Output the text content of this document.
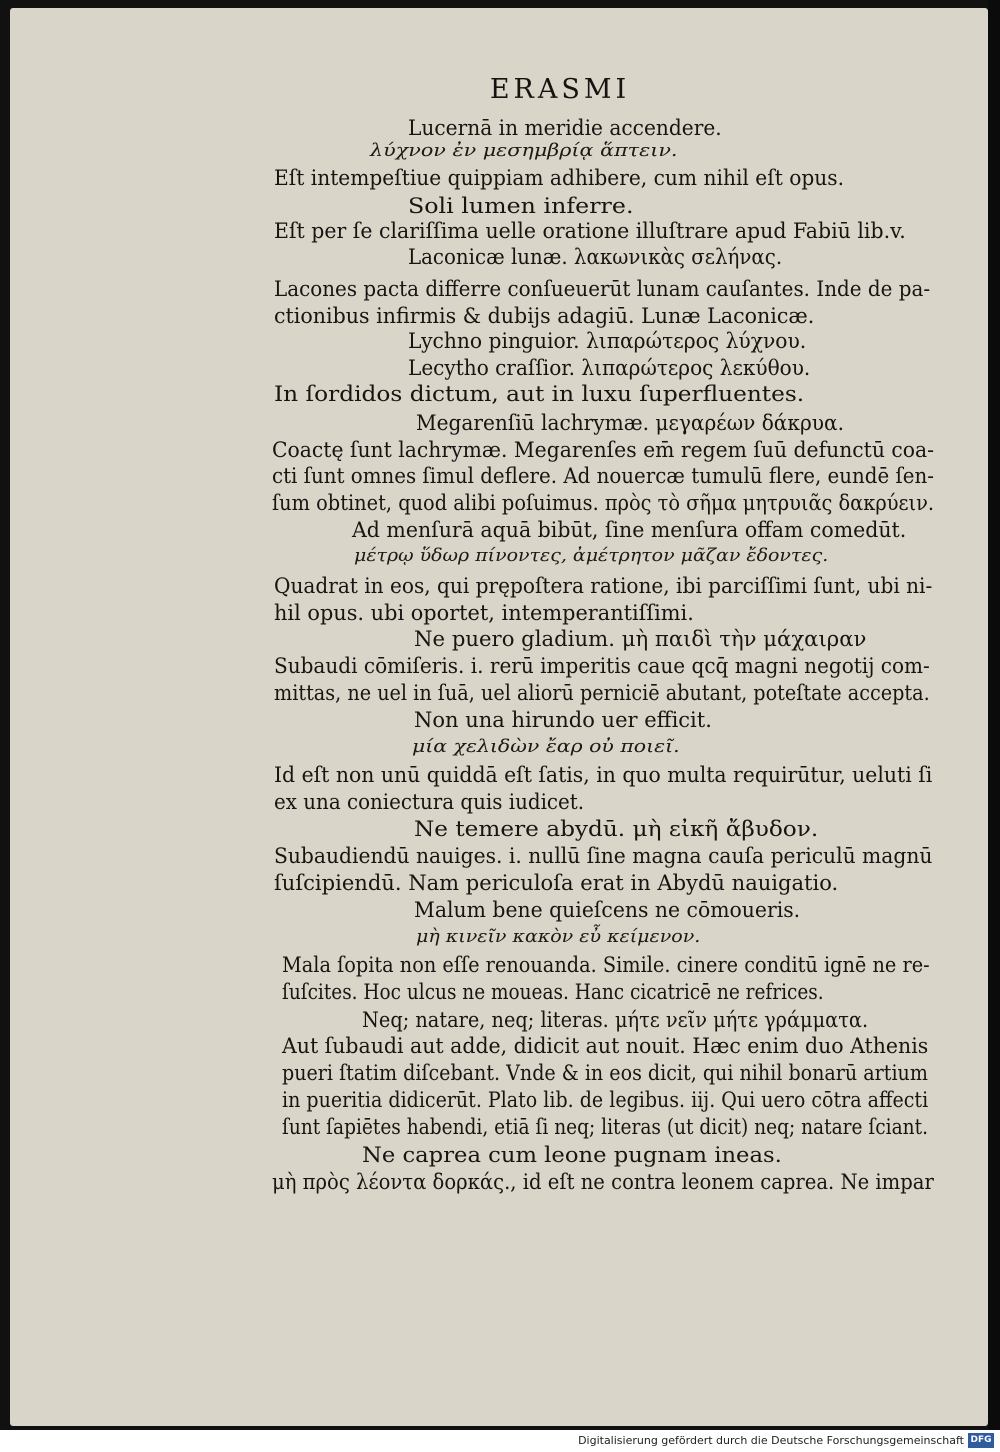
ERASMI
Lucernā in meridie accendere.
λύχνον ἐν μεσημβρίᾳ ἅπτειν.
Eſt intempeſtiue quippiam adhibere, cum nihil eſt opus.
Soli lumen inferre.
Eſt per ſe clariſſima uelle oratione illuſtrare apud Fabiū lib.v.
Laconicæ lunæ. λακωνικὰς σελήνας.
Lacones pacta differre conſueuerūt lunam cauſantes. Inde de pa-
ctionibus infirmis & dubijs adagiū. Lunæ Laconicæ.
Lychno pinguior. λιπαρώτερος λύχνου.
Lecytho craſſior. λιπαρώτερος λεκύθου.
In ſordidos dictum, aut in luxu ſuperfluentes.
Megarenſiū lachrymæ. μεγαρέων δάκρυα.
Coactę ſunt lachrymæ. Megarenſes em̄ regem ſuū defunctū coa-
cti ſunt omnes ſimul deflere. Ad nouercæ tumulū flere, eundē ſen-
ſum obtinet, quod alibi poſuimus. πρὸς τὸ σῆμα μητρυιᾶς δακρύειν.
Ad menſurā aquā bibūt, ſine menſura offam comedūt.
μέτρῳ ὕδωρ πίνοντες, ἀμέτρητον μᾶζαν ἔδοντες.
Quadrat in eos, qui prępoſtera ratione, ibi parciſſimi ſunt, ubi ni-
hil opus. ubi oportet, intemperantiſſimi.
Ne puero gladium. μὴ παιδὶ τὴν μάχαιραν
Subaudi cōmiſeris. i. rerū imperitis caue qcq̄ magni negotij com-
mittas, ne uel in ſuā, uel aliorū perniciē abutant, poteſtate accepta.
Non una hirundo uer efficit.
μία χελιδὼν ἔαρ οὐ ποιεῖ.
Id eſt non unū quiddā eſt ſatis, in quo multa requirūtur, ueluti ſi
ex una coniectura quis iudicet.
Ne temere abydū. μὴ εἰκῆ ἄβυδον.
Subaudiendū nauiges. i. nullū ſine magna cauſa periculū magnū
ſuſcipiendū. Nam periculoſa erat in Abydū nauigatio.
Malum bene quieſcens ne cōmoueris.
μὴ κινεῖν κακὸν εὖ κείμενον.
Mala ſopita non eſſe renouanda. Simile. cinere conditū ignē ne re-
ſuſcites. Hoc ulcus ne moueas. Hanc cicatricē ne refrices.
Neq; natare, neq; literas. μήτε νεῖν μήτε γράμματα.
Aut ſubaudi aut adde, didicit aut nouit. Hæc enim duo Athenis
pueri ſtatim diſcebant. Vnde & in eos dicit, qui nihil bonarū artium
in pueritia didicerūt. Plato lib. de legibus. iij. Qui uero cōtra affecti
ſunt ſapiētes habendi, etiā ſi neq; literas (ut dicit) neq; natare ſciant.
Ne caprea cum leone pugnam ineas.
μὴ πρὸς λέοντα δορκάς., id eſt ne contra leonem caprea. Ne impar
Digitalisierung gefördert durch die Deutsche Forschungsgemeinschaft DFG
